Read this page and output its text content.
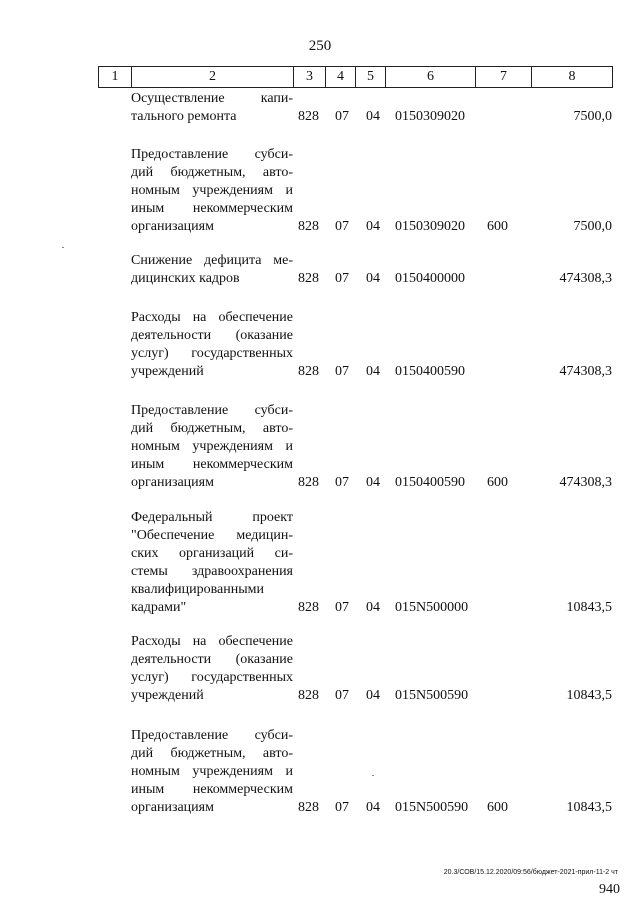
250
1	2	3	4	5	6	7	8
Осуществление капи-
тального ремонта	828 07 04 0150309020	7500,0
Предоставление субси-
дий бюджетным, авто-
номным учреждениям и
иным некоммерческим
организациям	828 07 04 0150309020 600	7500,0
Снижение дефицита ме-
дицинских кадров	828 07 04 0150400000	474308,3
Расходы на обеспечение
деятельности (оказание
услуг) государственных
учреждений	828 07 04 0150400590	474308,3
Предоставление субси-
дий бюджетным, авто-
номным учреждениям и
иным некоммерческим
организациям	828 07 04 0150400590 600	474308,3
Федеральный проект
"Обеспечение медицин-
ских организаций си-
стемы здравоохранения
квалифицированными
кадрами"	828 07 04 015N500000	10843,5
Расходы на обеспечение
деятельности (оказание
услуг) государственных
учреждений	828 07 04 015N500590	10843,5
Предоставление субси-
дий бюджетным, авто-
номным учреждениям и
иным некоммерческим
организациям	828 07 04 015N500590 600	10843,5
20.3/СОВ/15.12.2020/09:56/бюджет-2021-прил-11-2 чт
940
